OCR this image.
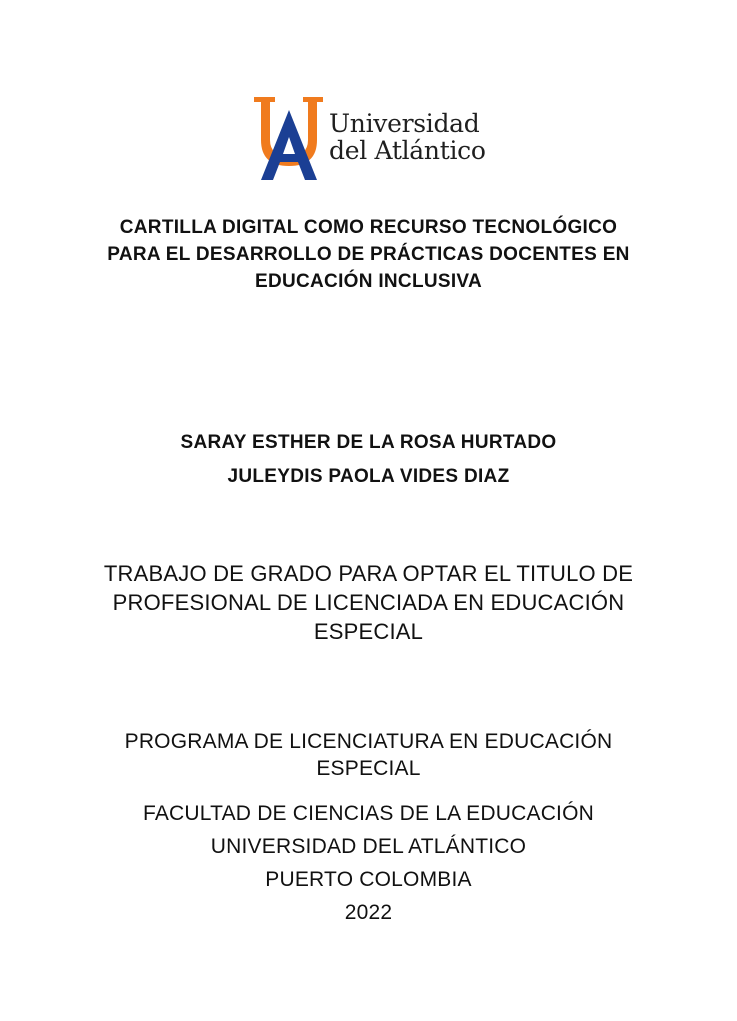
Universidad
del Atlántico
CARTILLA DIGITAL COMO RECURSO TECNOLÓGICO
PARA EL DESARROLLO DE PRÁCTICAS DOCENTES EN
EDUCACIÓN INCLUSIVA
SARAY ESTHER DE LA ROSA HURTADO
JULEYDIS PAOLA VIDES DIAZ
TRABAJO DE GRADO PARA OPTAR EL TITULO DE
PROFESIONAL DE LICENCIADA EN EDUCACIÓN
ESPECIAL
PROGRAMA DE LICENCIATURA EN EDUCACIÓN
ESPECIAL
FACULTAD DE CIENCIAS DE LA EDUCACIÓN
UNIVERSIDAD DEL ATLÁNTICO
PUERTO COLOMBIA
2022
